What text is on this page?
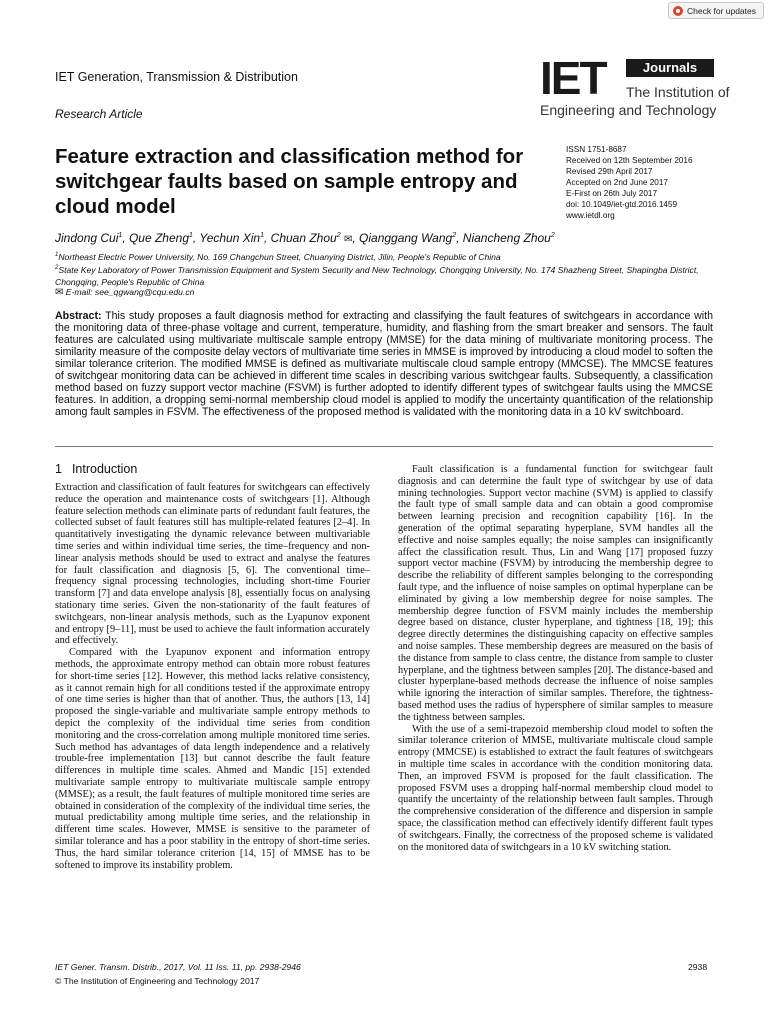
Check for updates
IET Generation, Transmission & Distribution
Research Article
IET	Journals
The Institution of
Engineering and Technology
Feature extraction and classification method for switchgear faults based on sample entropy and cloud model
ISSN 1751-8687
Received on 12th September 2016
Revised 29th April 2017
Accepted on 2nd June 2017
E-First on 26th July 2017
doi: 10.1049/iet-gtd.2016.1459
www.ietdl.org
Jindong Cui$^1$, Que Zheng$^1$, Yechun Xin$^1$, Chuan Zhou$^2$ ✉, Qianggang Wang$^2$, Niancheng Zhou$^2$
$^1$Northeast Electric Power University, No. 169 Changchun Street, Chuanying District, Jilin, People's Republic of China
$^2$State Key Laboratory of Power Transmission Equipment and System Security and New Technology, Chongqing University, No. 174 Shazheng Street, Shapingba District, Chongqing, People's Republic of China
✉ E-mail: see_qgwang@cqu.edu.cn

Abstract: This study proposes a fault diagnosis method for extracting and classifying the fault features of switchgears in accordance with the monitoring data of three-phase voltage and current, temperature, humidity, and flashing from the smart breaker and sensors. The fault features are calculated using multivariate multiscale sample entropy (MMSE) for the data mining of multivariate monitoring process. The similarity measure of the composite delay vectors of multivariate time series in MMSE is improved by introducing a cloud model to soften the similar tolerance criterion. The modified MMSE is defined as multivariate multiscale cloud sample entropy (MMCSE). The MMCSE features of switchgear monitoring data can be achieved in different time scales in describing various switchgear faults. Subsequently, a classification method based on fuzzy support vector machine (FSVM) is further adopted to identify different types of switchgear faults using the MMCSE features. In addition, a dropping semi-normal membership cloud model is applied to modify the uncertainty quantification of the relationship among fault samples in FSVM. The effectiveness of the proposed method is validated with the monitoring data in a 10 kV switchboard.

1 Introduction

Extraction and classification of fault features for switchgears can effectively reduce the operation and maintenance costs of switchgears [1]. Although feature selection methods can eliminate parts of redundant fault features, the collected subset of fault features still has multiple-related features [2–4]. In quantitatively investigating the dynamic relevance between multivariable time series and within individual time series, the time–frequency and non-linear analysis methods should be used to extract and analyse the features for fault classification and diagnosis [5, 6]. The conventional time–frequency signal processing technologies, including short-time Fourier transform [7] and data envelope analysis [8], essentially focus on analysing stationary time series. Given the non-stationarity of the fault features of switchgears, non-linear analysis methods, such as the Lyapunov exponent and entropy [9–11], must be used to achieve the fault information accurately and effectively.

Compared with the Lyapunov exponent and information entropy methods, the approximate entropy method can obtain more robust features for short-time series [12]. However, this method lacks relative consistency, as it cannot remain high for all conditions tested if the approximate entropy of one time series is higher than that of another. Thus, the authors [13, 14] proposed the single-variable and multivariate sample entropy methods to depict the complexity of the individual time series from condition monitoring and the cross-correlation among multiple monitored time series. Such method has advantages of data length independence and a relatively trouble-free implementation [13] but cannot describe the fault feature differences in multiple time scales. Ahmed and Mandic [15] extended multivariate sample entropy to multivariate multiscale sample entropy (MMSE); as a result, the fault features of multiple monitored time series are obtained in consideration of the complexity of the individual time series, the mutual predictability among multiple time series, and the relationship in different time scales. However, MMSE is sensitive to the parameter of similar tolerance and has a poor stability in the entropy of short-time series. Thus, the hard similar tolerance criterion [14, 15] of MMSE has to be softened to improve its instability problem.

Fault classification is a fundamental function for switchgear fault diagnosis and can determine the fault type of switchgear by use of data mining technologies. Support vector machine (SVM) is applied to classify the fault type of small sample data and can obtain a good compromise between learning precision and recognition capability [16]. In the generation of the optimal separating hyperplane, SVM handles all the effective and noise samples equally; the noise samples can insignificantly affect the classification result. Thus, Lin and Wang [17] proposed fuzzy support vector machine (FSVM) by introducing the membership degree to describe the reliability of different samples belonging to the corresponding fault type, and the influence of noise samples on optimal hyperplane can be eliminated by giving a low membership degree for noise samples. The membership degree function of FSVM mainly includes the membership degree based on distance, cluster hyperplane, and tightness [18, 19]; this degree directly determines the distinguishing capacity on effective samples and noise samples. These membership degrees are measured on the basis of the distance from sample to class centre, the distance from sample to cluster hyperplane, and the tightness between samples [20]. The distance-based and cluster hyperplane-based methods decrease the influence of noise samples while ignoring the interaction of similar samples. Therefore, the tightness-based method uses the radius of hypersphere of similar samples to measure the tightness between samples.

With the use of a semi-trapezoid membership cloud model to soften the similar tolerance criterion of MMSE, multivariate multiscale cloud sample entropy (MMCSE) is established to extract the fault features of switchgears in multiple time scales in accordance with the condition monitoring data. Then, an improved FSVM is proposed for the fault classification. The proposed FSVM uses a dropping half-normal membership cloud model to quantify the uncertainty of the relationship between fault samples. Through the comprehensive consideration of the difference and dispersion in sample space, the classification method can effectively identify different fault types of switchgears. Finally, the correctness of the proposed scheme is validated on the monitored data of switchgears in a 10 kV switching station.

IET Gener. Transm. Distrib., 2017, Vol. 11 Iss. 11, pp. 2938-2946
© The Institution of Engineering and Technology 2017
2938
